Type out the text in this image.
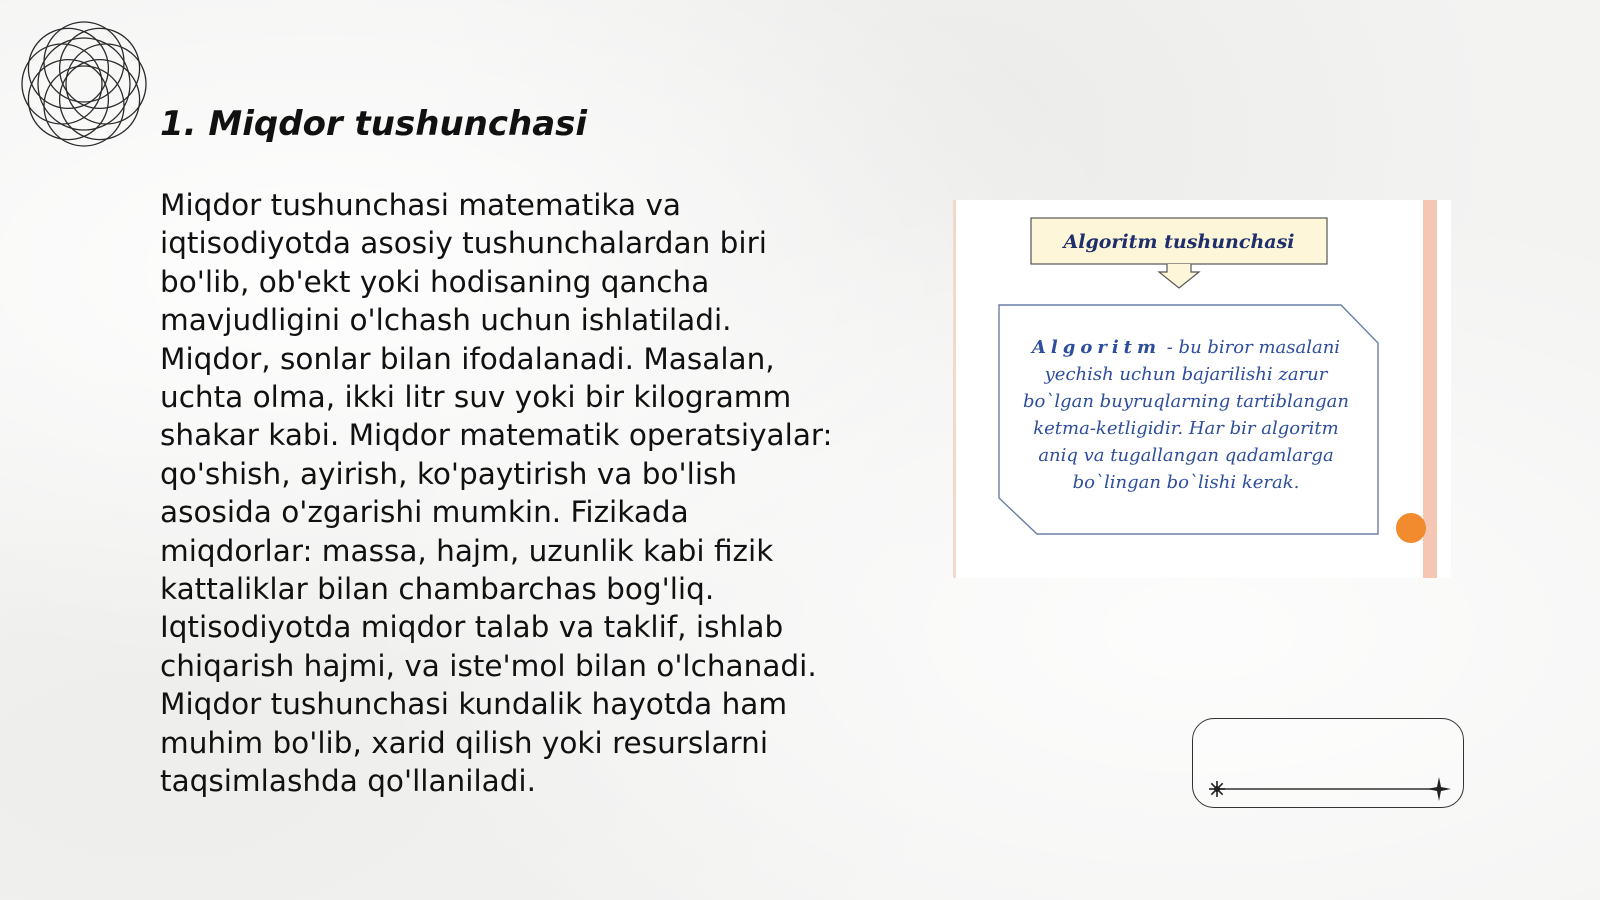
1. Miqdor tushunchasi

Miqdor tushunchasi matematika va iqtisodiyotda asosiy tushunchalardan biri bo'lib, ob'ekt yoki hodisaning qancha mavjudligini o'lchash uchun ishlatiladi. Miqdor, sonlar bilan ifodalanadi. Masalan, uchta olma, ikki litr suv yoki bir kilogramm shakar kabi. Miqdor matematik operatsiyalar: qo'shish, ayirish, ko'paytirish va bo'lish asosida o'zgarishi mumkin. Fizikada miqdorlar: massa, hajm, uzunlik kabi fizik kattaliklar bilan chambarchas bog'liq. Iqtisodiyotda miqdor talab va taklif, ishlab chiqarish hajmi, va iste'mol bilan o'lchanadi. Miqdor tushunchasi kundalik hayotda ham muhim bo'lib, xarid qilish yoki resurslarni taqsimlashda qo'llaniladi.

Algoritm tushunchasi
Algoritm - bu biror masalani
yechish uchun bajarilishi zarur
bo`lgan buyruqlarning tartiblangan
ketma-ketligidir. Har bir algoritm
aniq va tugallangan qadamlarga
bo`lingan bo`lishi kerak.
